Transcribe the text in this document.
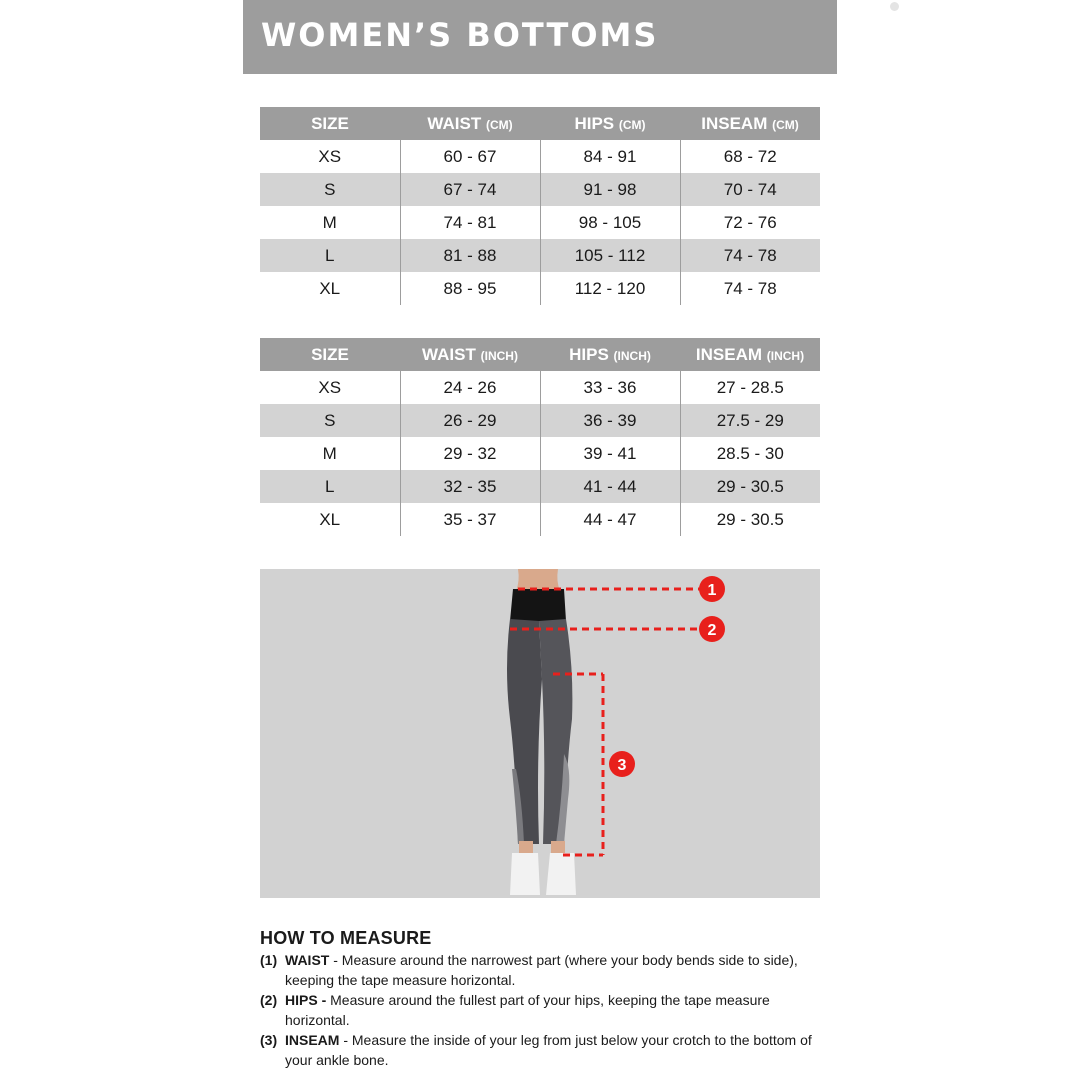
WOMEN’S BOTTOMS
SIZE	WAIST (CM)	HIPS (CM)	INSEAM (CM)
XS	60 - 67	84 - 91	68 - 72
S	67 - 74	91 - 98	70 - 74
M	74 - 81	98 - 105	72 - 76
L	81 - 88	105 - 112	74 - 78
XL	88 - 95	112 - 120	74 - 78
SIZE	WAIST (INCH)	HIPS (INCH)	INSEAM (INCH)
XS	24 - 26	33 - 36	27 - 28.5
S	26 - 29	36 - 39	27.5 - 29
M	29 - 32	39 - 41	28.5 - 30
L	32 - 35	41 - 44	29 - 30.5
XL	35 - 37	44 - 47	29 - 30.5
1
2
3
HOW TO MEASURE
(1) WAIST - Measure around the narrowest part (where your body bends side to side), keeping the tape measure horizontal.
(2) HIPS - Measure around the fullest part of your hips, keeping the tape measure horizontal.
(3) INSEAM - Measure the inside of your leg from just below your crotch to the bottom of your ankle bone.
